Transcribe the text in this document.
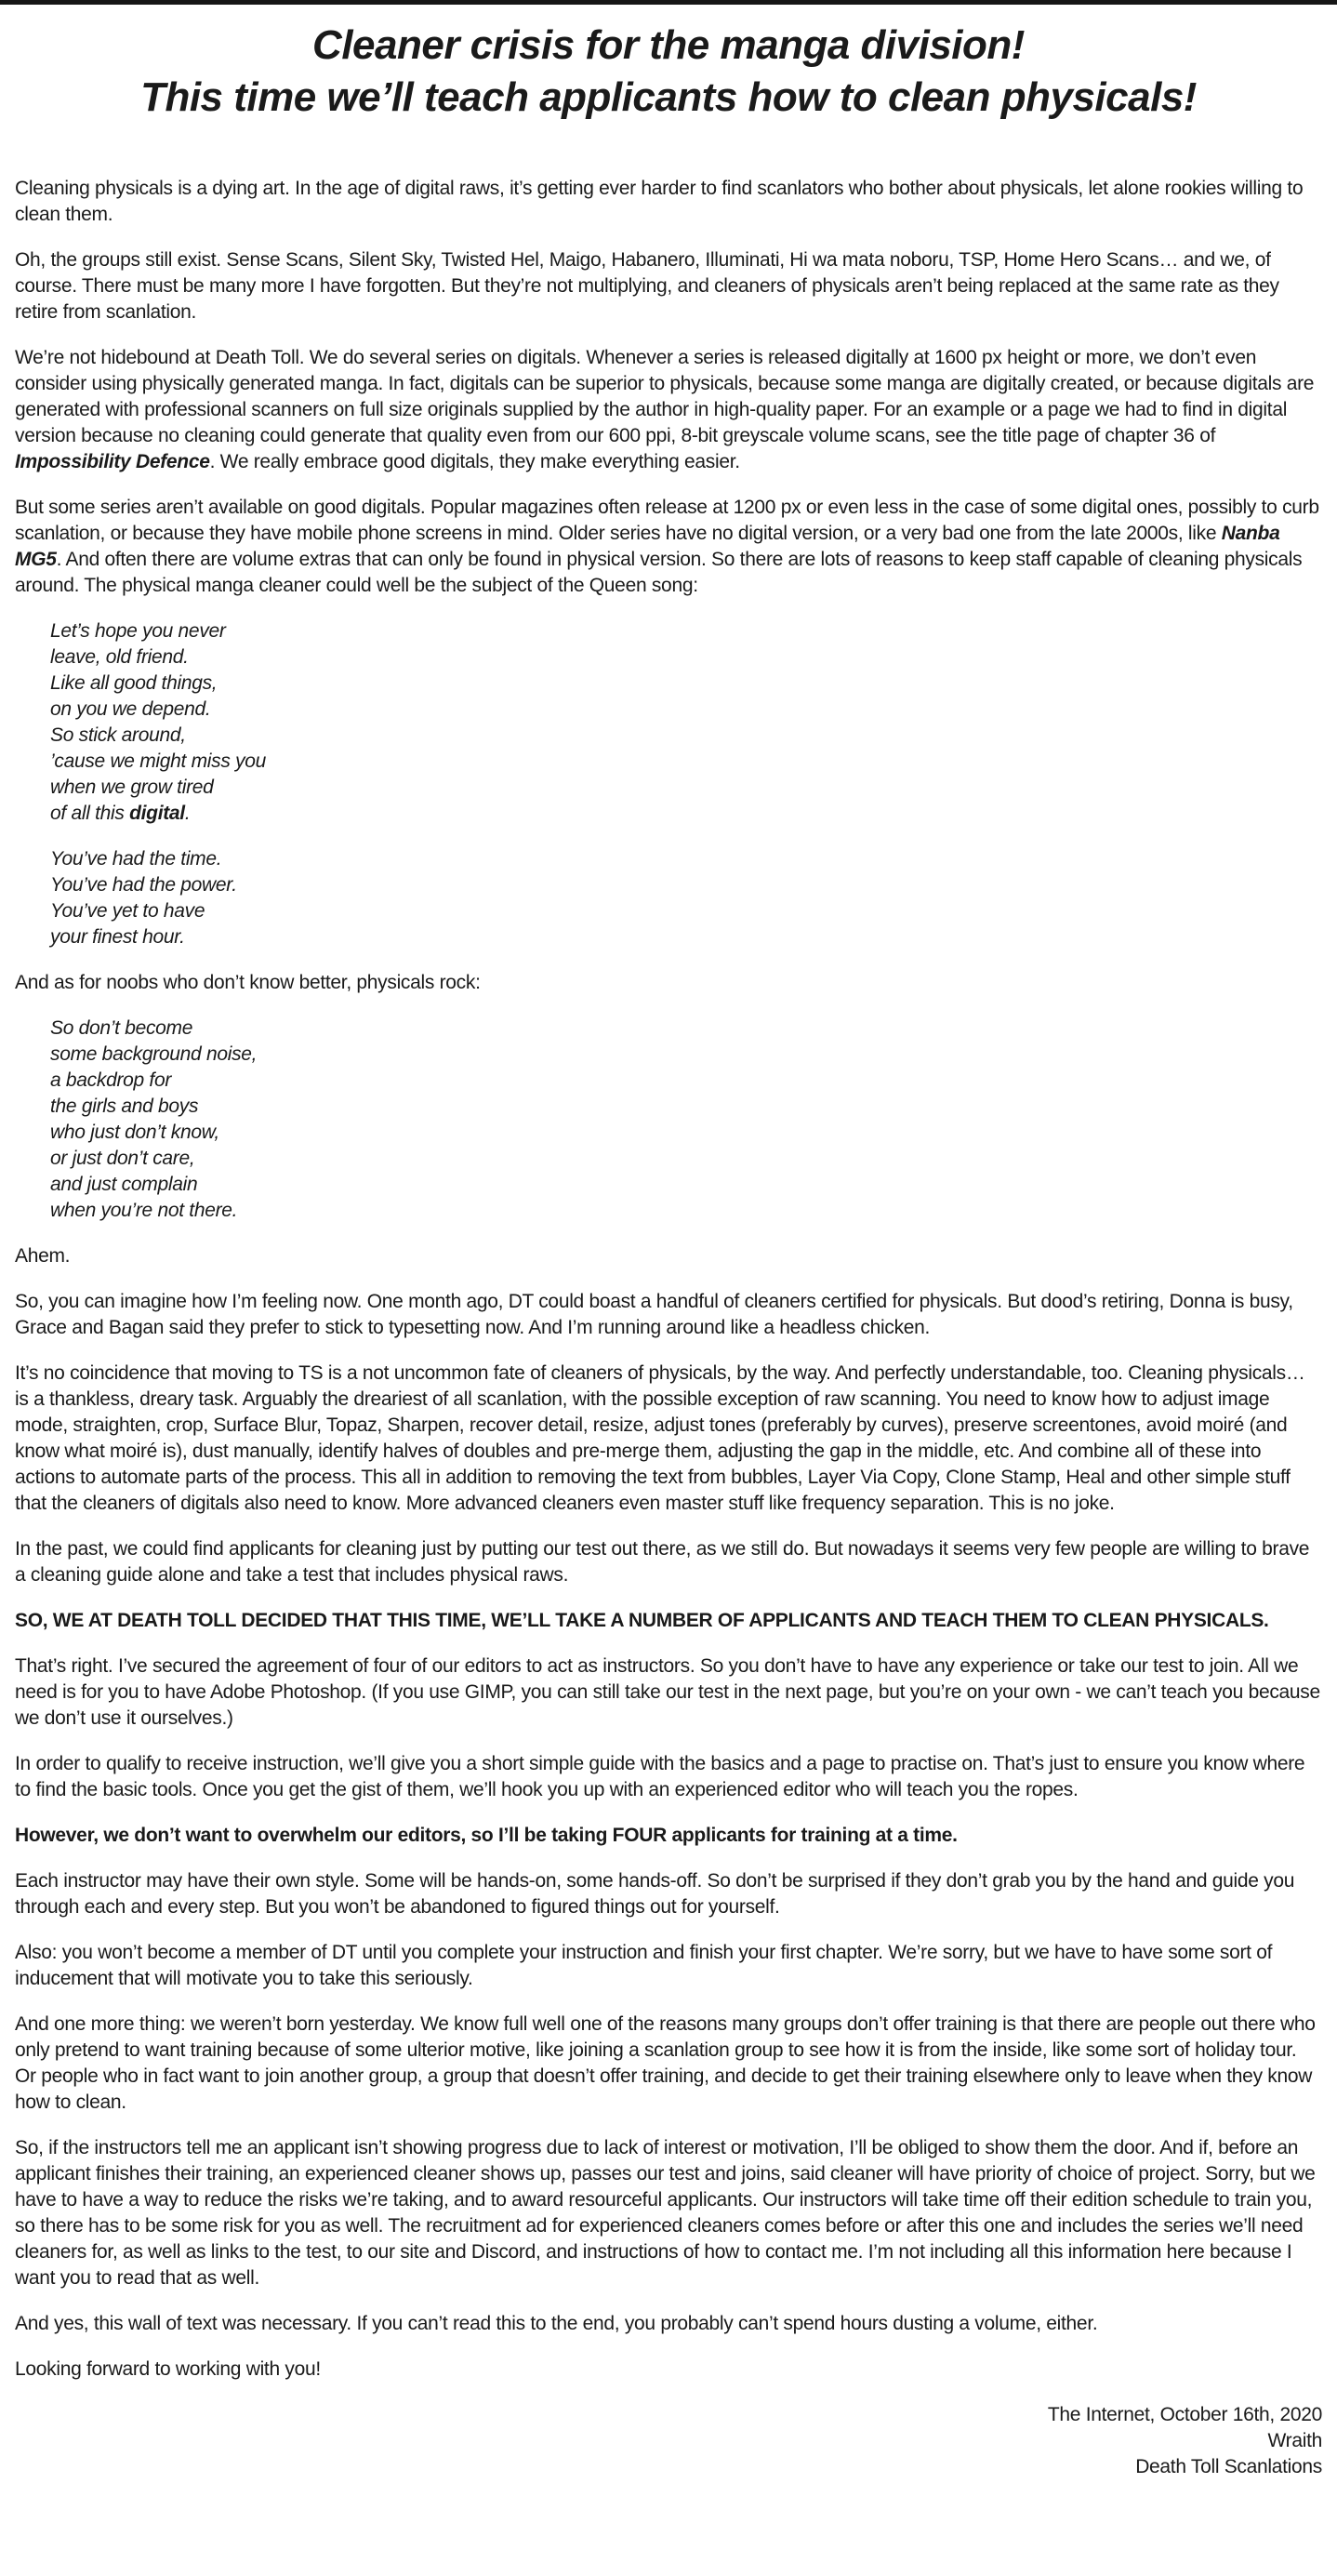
Cleaner crisis for the manga division!
This time we’ll teach applicants how to clean physicals!

Cleaning physicals is a dying art. In the age of digital raws, it’s getting ever harder to find scanlators who bother about physicals, let alone rookies willing to clean them.

Oh, the groups still exist. Sense Scans, Silent Sky, Twisted Hel, Maigo, Habanero, Illuminati, Hi wa mata noboru, TSP, Home Hero Scans… and we, of course. There must be many more I have forgotten. But they’re not multiplying, and cleaners of physicals aren’t being replaced at the same rate as they retire from scanlation.

We’re not hidebound at Death Toll. We do several series on digitals. Whenever a series is released digitally at 1600 px height or more, we don’t even consider using physically generated manga. In fact, digitals can be superior to physicals, because some manga are digitally created, or because digitals are generated with professional scanners on full size originals supplied by the author in high-quality paper. For an example or a page we had to find in digital version because no cleaning could generate that quality even from our 600 ppi, 8-bit greyscale volume scans, see the title page of chapter 36 of Impossibility Defence. We really embrace good digitals, they make everything easier.

But some series aren’t available on good digitals. Popular magazines often release at 1200 px or even less in the case of some digital ones, possibly to curb scanlation, or because they have mobile phone screens in mind. Older series have no digital version, or a very bad one from the late 2000s, like Nanba MG5. And often there are volume extras that can only be found in physical version. So there are lots of reasons to keep staff capable of cleaning physicals around. The physical manga cleaner could well be the subject of the Queen song:

Let’s hope you never
leave, old friend.
Like all good things,
on you we depend.
So stick around,
’cause we might miss you
when we grow tired
of all this digital.

You’ve had the time.
You’ve had the power.
You’ve yet to have
your finest hour.

And as for noobs who don’t know better, physicals rock:

So don’t become
some background noise,
a backdrop for
the girls and boys
who just don’t know,
or just don’t care,
and just complain
when you’re not there.

Ahem.

So, you can imagine how I’m feeling now. One month ago, DT could boast a handful of cleaners certified for physicals. But dood’s retiring, Donna is busy, Grace and Bagan said they prefer to stick to typesetting now. And I’m running around like a headless chicken.

It’s no coincidence that moving to TS is a not uncommon fate of cleaners of physicals, by the way. And perfectly understandable, too. Cleaning physicals… is a thankless, dreary task. Arguably the dreariest of all scanlation, with the possible exception of raw scanning. You need to know how to adjust image mode, straighten, crop, Surface Blur, Topaz, Sharpen, recover detail, resize, adjust tones (preferably by curves), preserve screentones, avoid moiré (and know what moiré is), dust manually, identify halves of doubles and pre-merge them, adjusting the gap in the middle, etc. And combine all of these into actions to automate parts of the process. This all in addition to removing the text from bubbles, Layer Via Copy, Clone Stamp, Heal and other simple stuff that the cleaners of digitals also need to know. More advanced cleaners even master stuff like frequency separation. This is no joke.

In the past, we could find applicants for cleaning just by putting our test out there, as we still do. But nowadays it seems very few people are willing to brave a cleaning guide alone and take a test that includes physical raws.

SO, WE AT DEATH TOLL DECIDED THAT THIS TIME, WE’LL TAKE A NUMBER OF APPLICANTS AND TEACH THEM TO CLEAN PHYSICALS.

That’s right. I’ve secured the agreement of four of our editors to act as instructors. So you don’t have to have any experience or take our test to join. All we need is for you to have Adobe Photoshop. (If you use GIMP, you can still take our test in the next page, but you’re on your own - we can’t teach you because we don’t use it ourselves.)

In order to qualify to receive instruction, we’ll give you a short simple guide with the basics and a page to practise on. That’s just to ensure you know where to find the basic tools. Once you get the gist of them, we’ll hook you up with an experienced editor who will teach you the ropes.

However, we don’t want to overwhelm our editors, so I’ll be taking FOUR applicants for training at a time.

Each instructor may have their own style. Some will be hands-on, some hands-off. So don’t be surprised if they don’t grab you by the hand and guide you through each and every step. But you won’t be abandoned to figured things out for yourself.

Also: you won’t become a member of DT until you complete your instruction and finish your first chapter. We’re sorry, but we have to have some sort of inducement that will motivate you to take this seriously.

And one more thing: we weren’t born yesterday. We know full well one of the reasons many groups don’t offer training is that there are people out there who only pretend to want training because of some ulterior motive, like joining a scanlation group to see how it is from the inside, like some sort of holiday tour. Or people who in fact want to join another group, a group that doesn’t offer training, and decide to get their training elsewhere only to leave when they know how to clean.

So, if the instructors tell me an applicant isn’t showing progress due to lack of interest or motivation, I’ll be obliged to show them the door. And if, before an applicant finishes their training, an experienced cleaner shows up, passes our test and joins, said cleaner will have priority of choice of project. Sorry, but we have to have a way to reduce the risks we’re taking, and to award resourceful applicants. Our instructors will take time off their edition schedule to train you, so there has to be some risk for you as well. The recruitment ad for experienced cleaners comes before or after this one and includes the series we’ll need cleaners for, as well as links to the test, to our site and Discord, and instructions of how to contact me. I’m not including all this information here because I want you to read that as well.

And yes, this wall of text was necessary. If you can’t read this to the end, you probably can’t spend hours dusting a volume, either.

Looking forward to working with you!

The Internet, October 16th, 2020
Wraith
Death Toll Scanlations
